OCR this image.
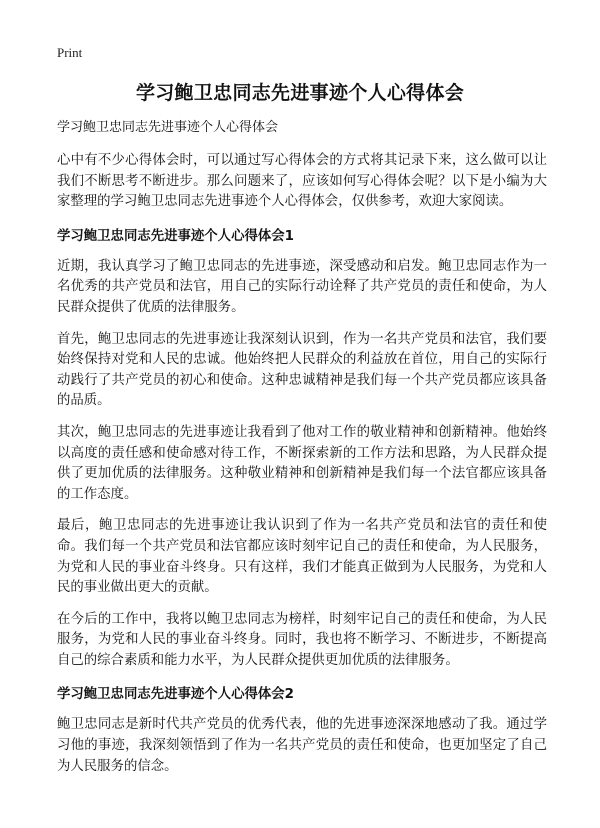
Print
学习鲍卫忠同志先进事迹个人心得体会
学习鲍卫忠同志先进事迹个人心得体会

心中有不少心得体会时，可以通过写心得体会的方式将其记录下来，这么做可以让我们不断思考不断进步。那么问题来了，应该如何写心得体会呢？以下是小编为大家整理的学习鲍卫忠同志先进事迹个人心得体会，仅供参考，欢迎大家阅读。

学习鲍卫忠同志先进事迹个人心得体会1

近期，我认真学习了鲍卫忠同志的先进事迹，深受感动和启发。鲍卫忠同志作为一名优秀的共产党员和法官，用自己的实际行动诠释了共产党员的责任和使命，为人民群众提供了优质的法律服务。

首先，鲍卫忠同志的先进事迹让我深刻认识到，作为一名共产党员和法官，我们要始终保持对党和人民的忠诚。他始终把人民群众的利益放在首位，用自己的实际行动践行了共产党员的初心和使命。这种忠诚精神是我们每一个共产党员都应该具备的品质。

其次，鲍卫忠同志的先进事迹让我看到了他对工作的敬业精神和创新精神。他始终以高度的责任感和使命感对待工作，不断探索新的工作方法和思路，为人民群众提供了更加优质的法律服务。这种敬业精神和创新精神是我们每一个法官都应该具备的工作态度。

最后，鲍卫忠同志的先进事迹让我认识到了作为一名共产党员和法官的责任和使命。我们每一个共产党员和法官都应该时刻牢记自己的责任和使命，为人民服务，为党和人民的事业奋斗终身。只有这样，我们才能真正做到为人民服务，为党和人民的事业做出更大的贡献。

在今后的工作中，我将以鲍卫忠同志为榜样，时刻牢记自己的责任和使命，为人民服务，为党和人民的事业奋斗终身。同时，我也将不断学习、不断进步，不断提高自己的综合素质和能力水平，为人民群众提供更加优质的法律服务。

学习鲍卫忠同志先进事迹个人心得体会2

鲍卫忠同志是新时代共产党员的优秀代表，他的先进事迹深深地感动了我。通过学习他的事迹，我深刻领悟到了作为一名共产党员的责任和使命，也更加坚定了自己为人民服务的信念。
